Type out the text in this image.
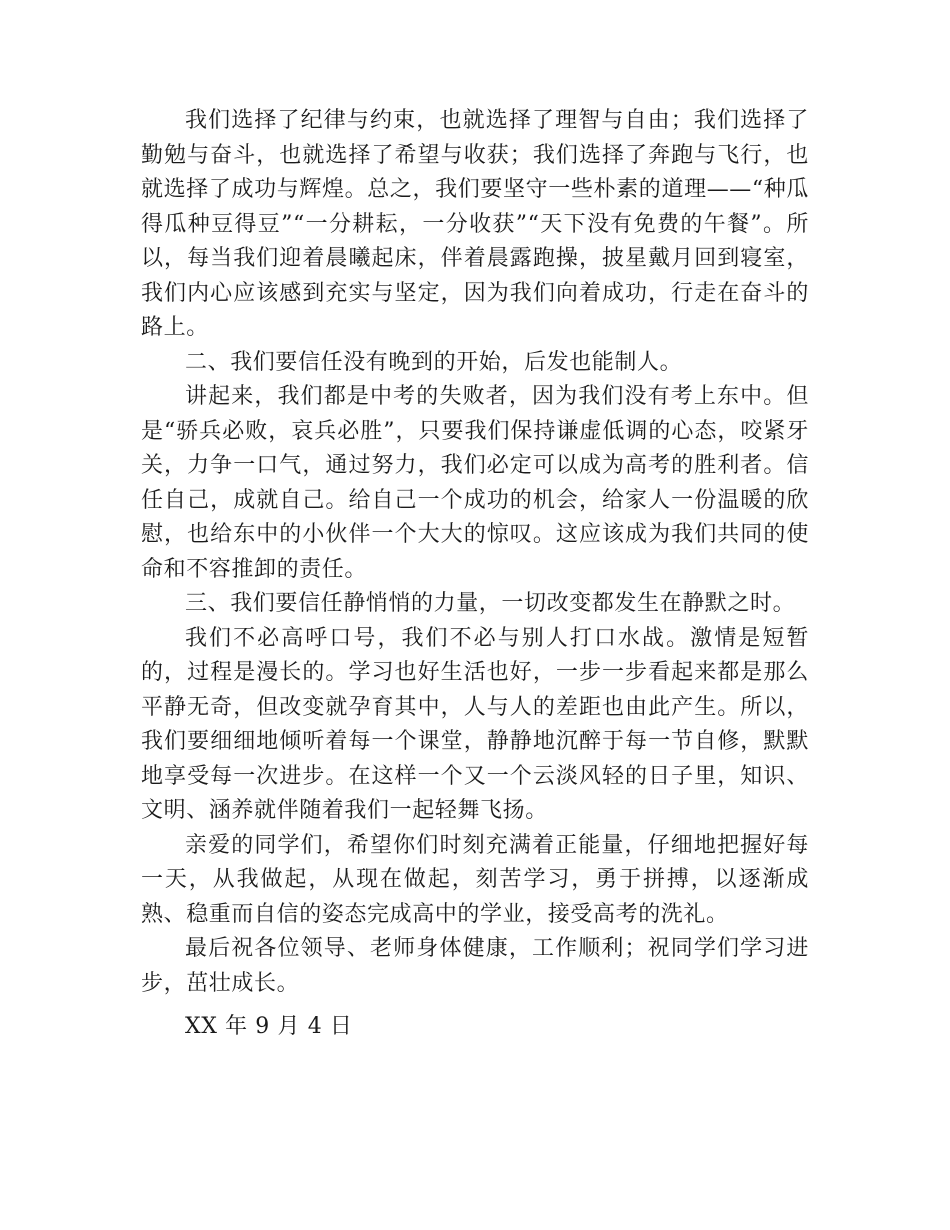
我们选择了纪律与约束，也就选择了理智与自由；我们选择了勤勉与奋斗，也就选择了希望与收获；我们选择了奔跑与飞行，也就选择了成功与辉煌。总之，我们要坚守一些朴素的道理——“种瓜得瓜种豆得豆”“一分耕耘，一分收获”“天下没有免费的午餐”。所以，每当我们迎着晨曦起床，伴着晨露跑操，披星戴月回到寝室，我们内心应该感到充实与坚定，因为我们向着成功，行走在奋斗的路上。

二、我们要信任没有晚到的开始，后发也能制人。

讲起来，我们都是中考的失败者，因为我们没有考上东中。但是“骄兵必败，哀兵必胜”，只要我们保持谦虚低调的心态，咬紧牙关，力争一口气，通过努力，我们必定可以成为高考的胜利者。信任自己，成就自己。给自己一个成功的机会，给家人一份温暖的欣慰，也给东中的小伙伴一个大大的惊叹。这应该成为我们共同的使命和不容推卸的责任。

三、我们要信任静悄悄的力量，一切改变都发生在静默之时。

我们不必高呼口号，我们不必与别人打口水战。激情是短暂的，过程是漫长的。学习也好生活也好，一步一步看起来都是那么平静无奇，但改变就孕育其中，人与人的差距也由此产生。所以，我们要细细地倾听着每一个课堂，静静地沉醉于每一节自修，默默地享受每一次进步。在这样一个又一个云淡风轻的日子里，知识、文明、涵养就伴随着我们一起轻舞飞扬。

亲爱的同学们，希望你们时刻充满着正能量，仔细地把握好每一天，从我做起，从现在做起，刻苦学习，勇于拼搏，以逐渐成熟、稳重而自信的姿态完成高中的学业，接受高考的洗礼。

最后祝各位领导、老师身体健康，工作顺利；祝同学们学习进步，茁壮成长。

XX 年 9 月 4 日
